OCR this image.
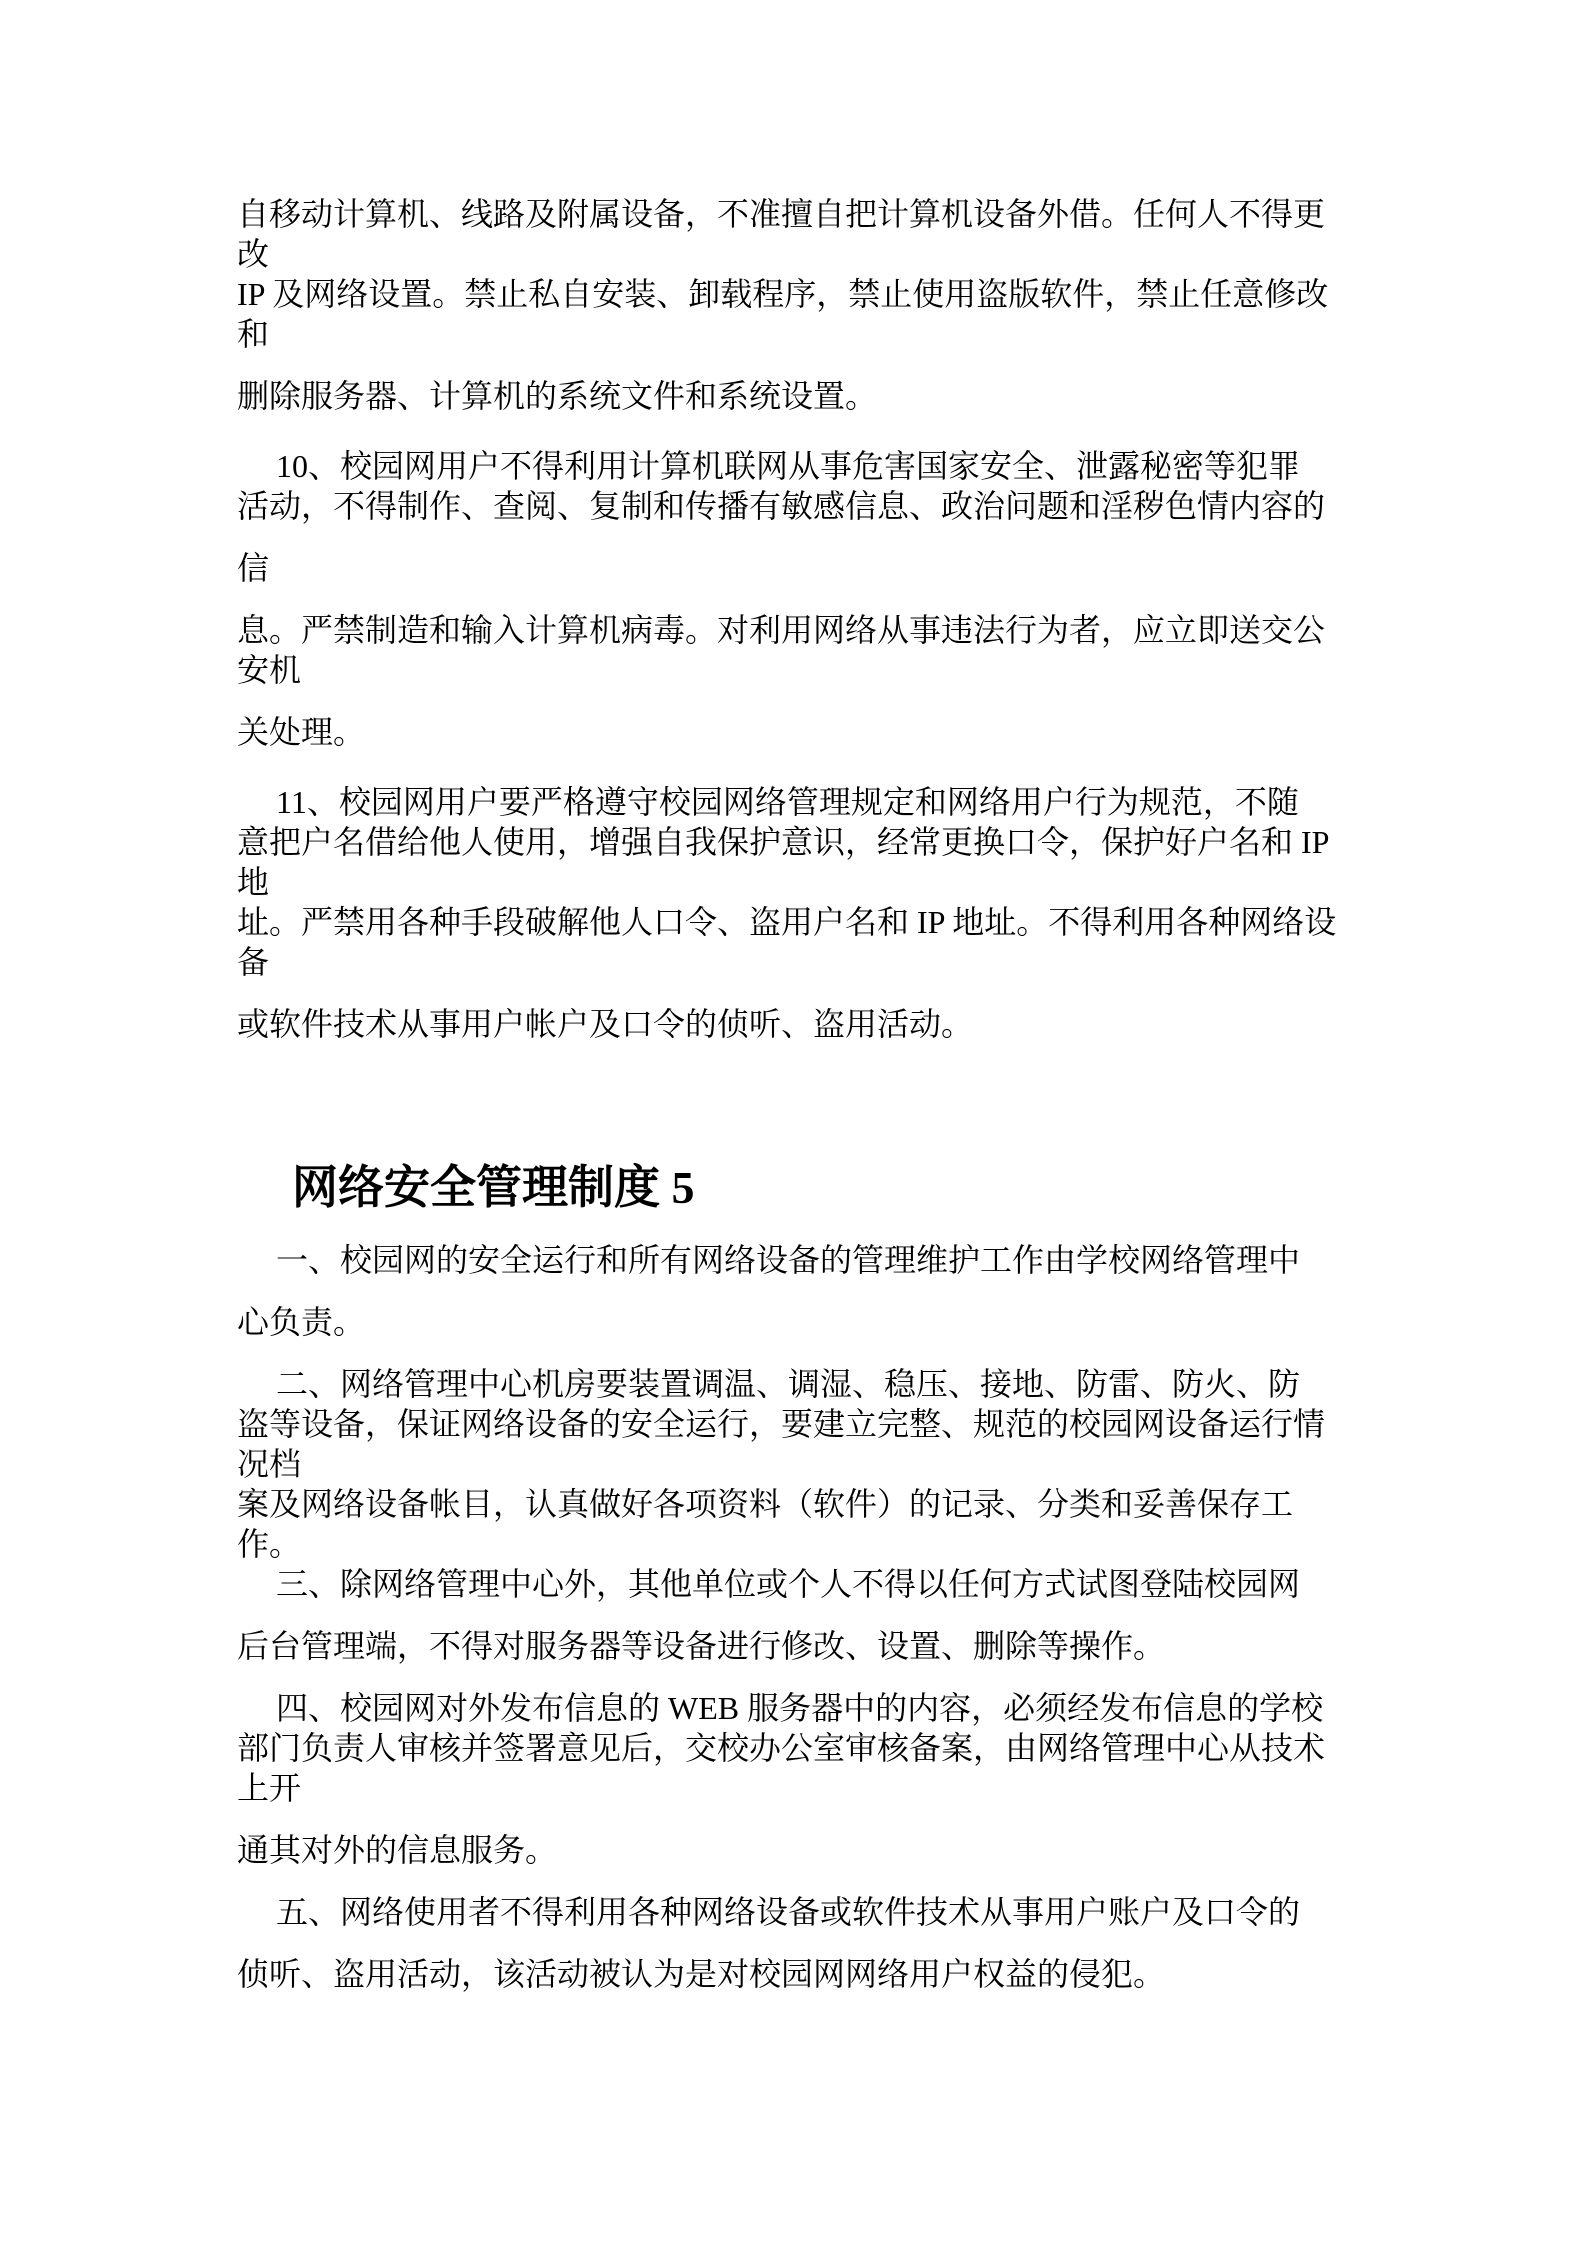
自移动计算机、线路及附属设备，不准擅自把计算机设备外借。任何人不得更
改
IP 及网络设置。禁止私自安装、卸载程序，禁止使用盗版软件，禁止任意修改
和
删除服务器、计算机的系统文件和系统设置。
10、校园网用户不得利用计算机联网从事危害国家安全、泄露秘密等犯罪
活动，不得制作、查阅、复制和传播有敏感信息、政治问题和淫秽色情内容的
信
息。严禁制造和输入计算机病毒。对利用网络从事违法行为者，应立即送交公
安机
关处理。
11、校园网用户要严格遵守校园网络管理规定和网络用户行为规范，不随
意把户名借给他人使用，增强自我保护意识，经常更换口令，保护好户名和 IP
地
址。严禁用各种手段破解他人口令、盗用户名和 IP 地址。不得利用各种网络设
备
或软件技术从事用户帐户及口令的侦听、盗用活动。
网络安全管理制度 5
一、校园网的安全运行和所有网络设备的管理维护工作由学校网络管理中
心负责。
二、网络管理中心机房要装置调温、调湿、稳压、接地、防雷、防火、防
盗等设备，保证网络设备的安全运行，要建立完整、规范的校园网设备运行情
况档
案及网络设备帐目，认真做好各项资料（软件）的记录、分类和妥善保存工
作。
三、除网络管理中心外，其他单位或个人不得以任何方式试图登陆校园网
后台管理端，不得对服务器等设备进行修改、设置、删除等操作。
四、校园网对外发布信息的 WEB 服务器中的内容，必须经发布信息的学校
部门负责人审核并签署意见后，交校办公室审核备案，由网络管理中心从技术
上开
通其对外的信息服务。
五、网络使用者不得利用各种网络设备或软件技术从事用户账户及口令的
侦听、盗用活动，该活动被认为是对校园网网络用户权益的侵犯。
